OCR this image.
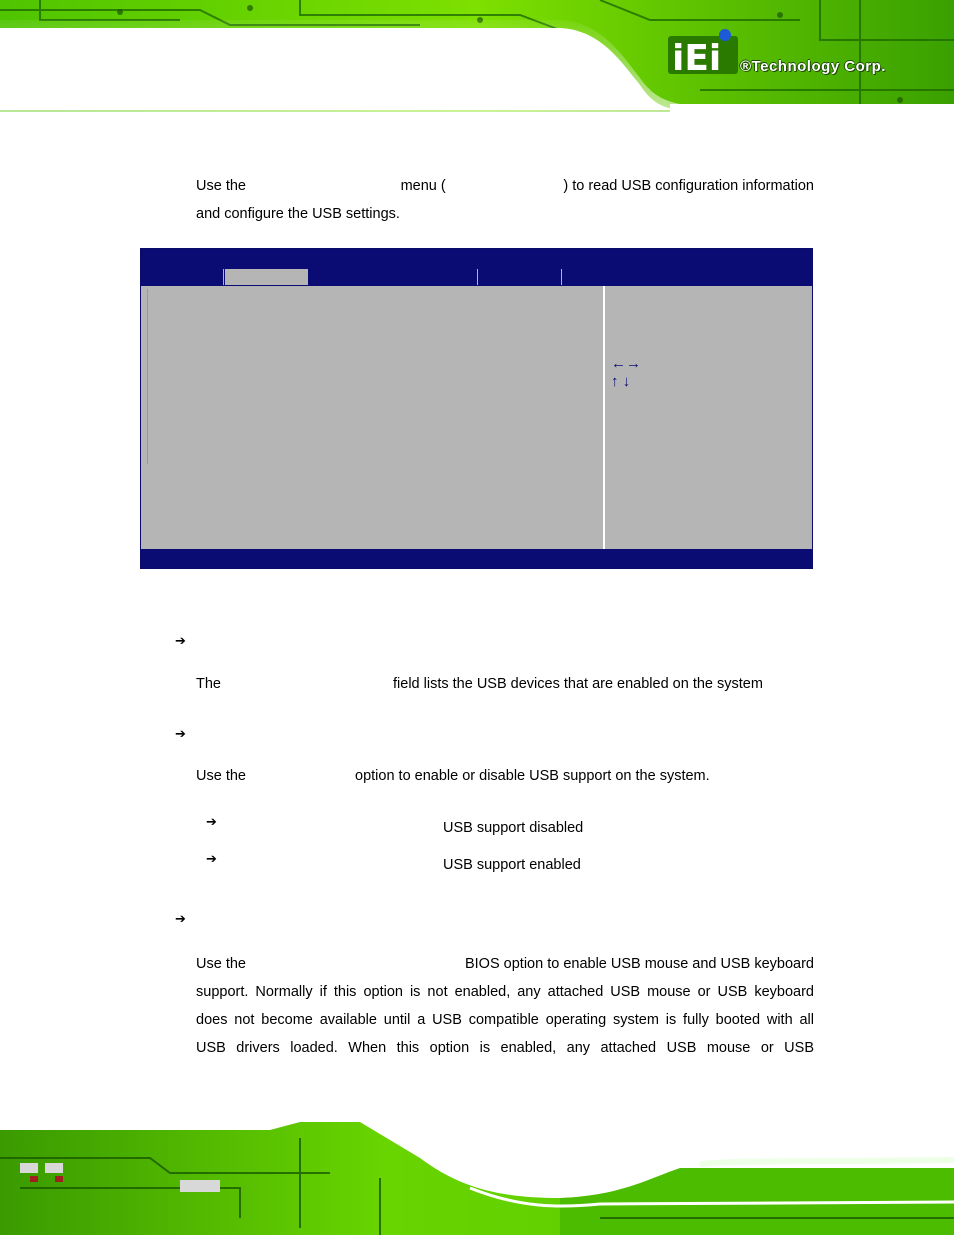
iEi ®Technology Corp.
Use the	menu (	) to read USB configuration information
and configure the USB settings.
←→
↑ ↓
➔
The	field lists the USB devices that are enabled on the system
➔
Use the	option to enable or disable USB support on the system.
➔	USB support disabled
➔	USB support enabled
➔
Use the	BIOS option to enable USB mouse and USB keyboard
support. Normally if this option is not enabled, any attached USB mouse or USB keyboard
does not become available until a USB compatible operating system is fully booted with all
USB drivers loaded. When this option is enabled, any attached USB mouse or USB
